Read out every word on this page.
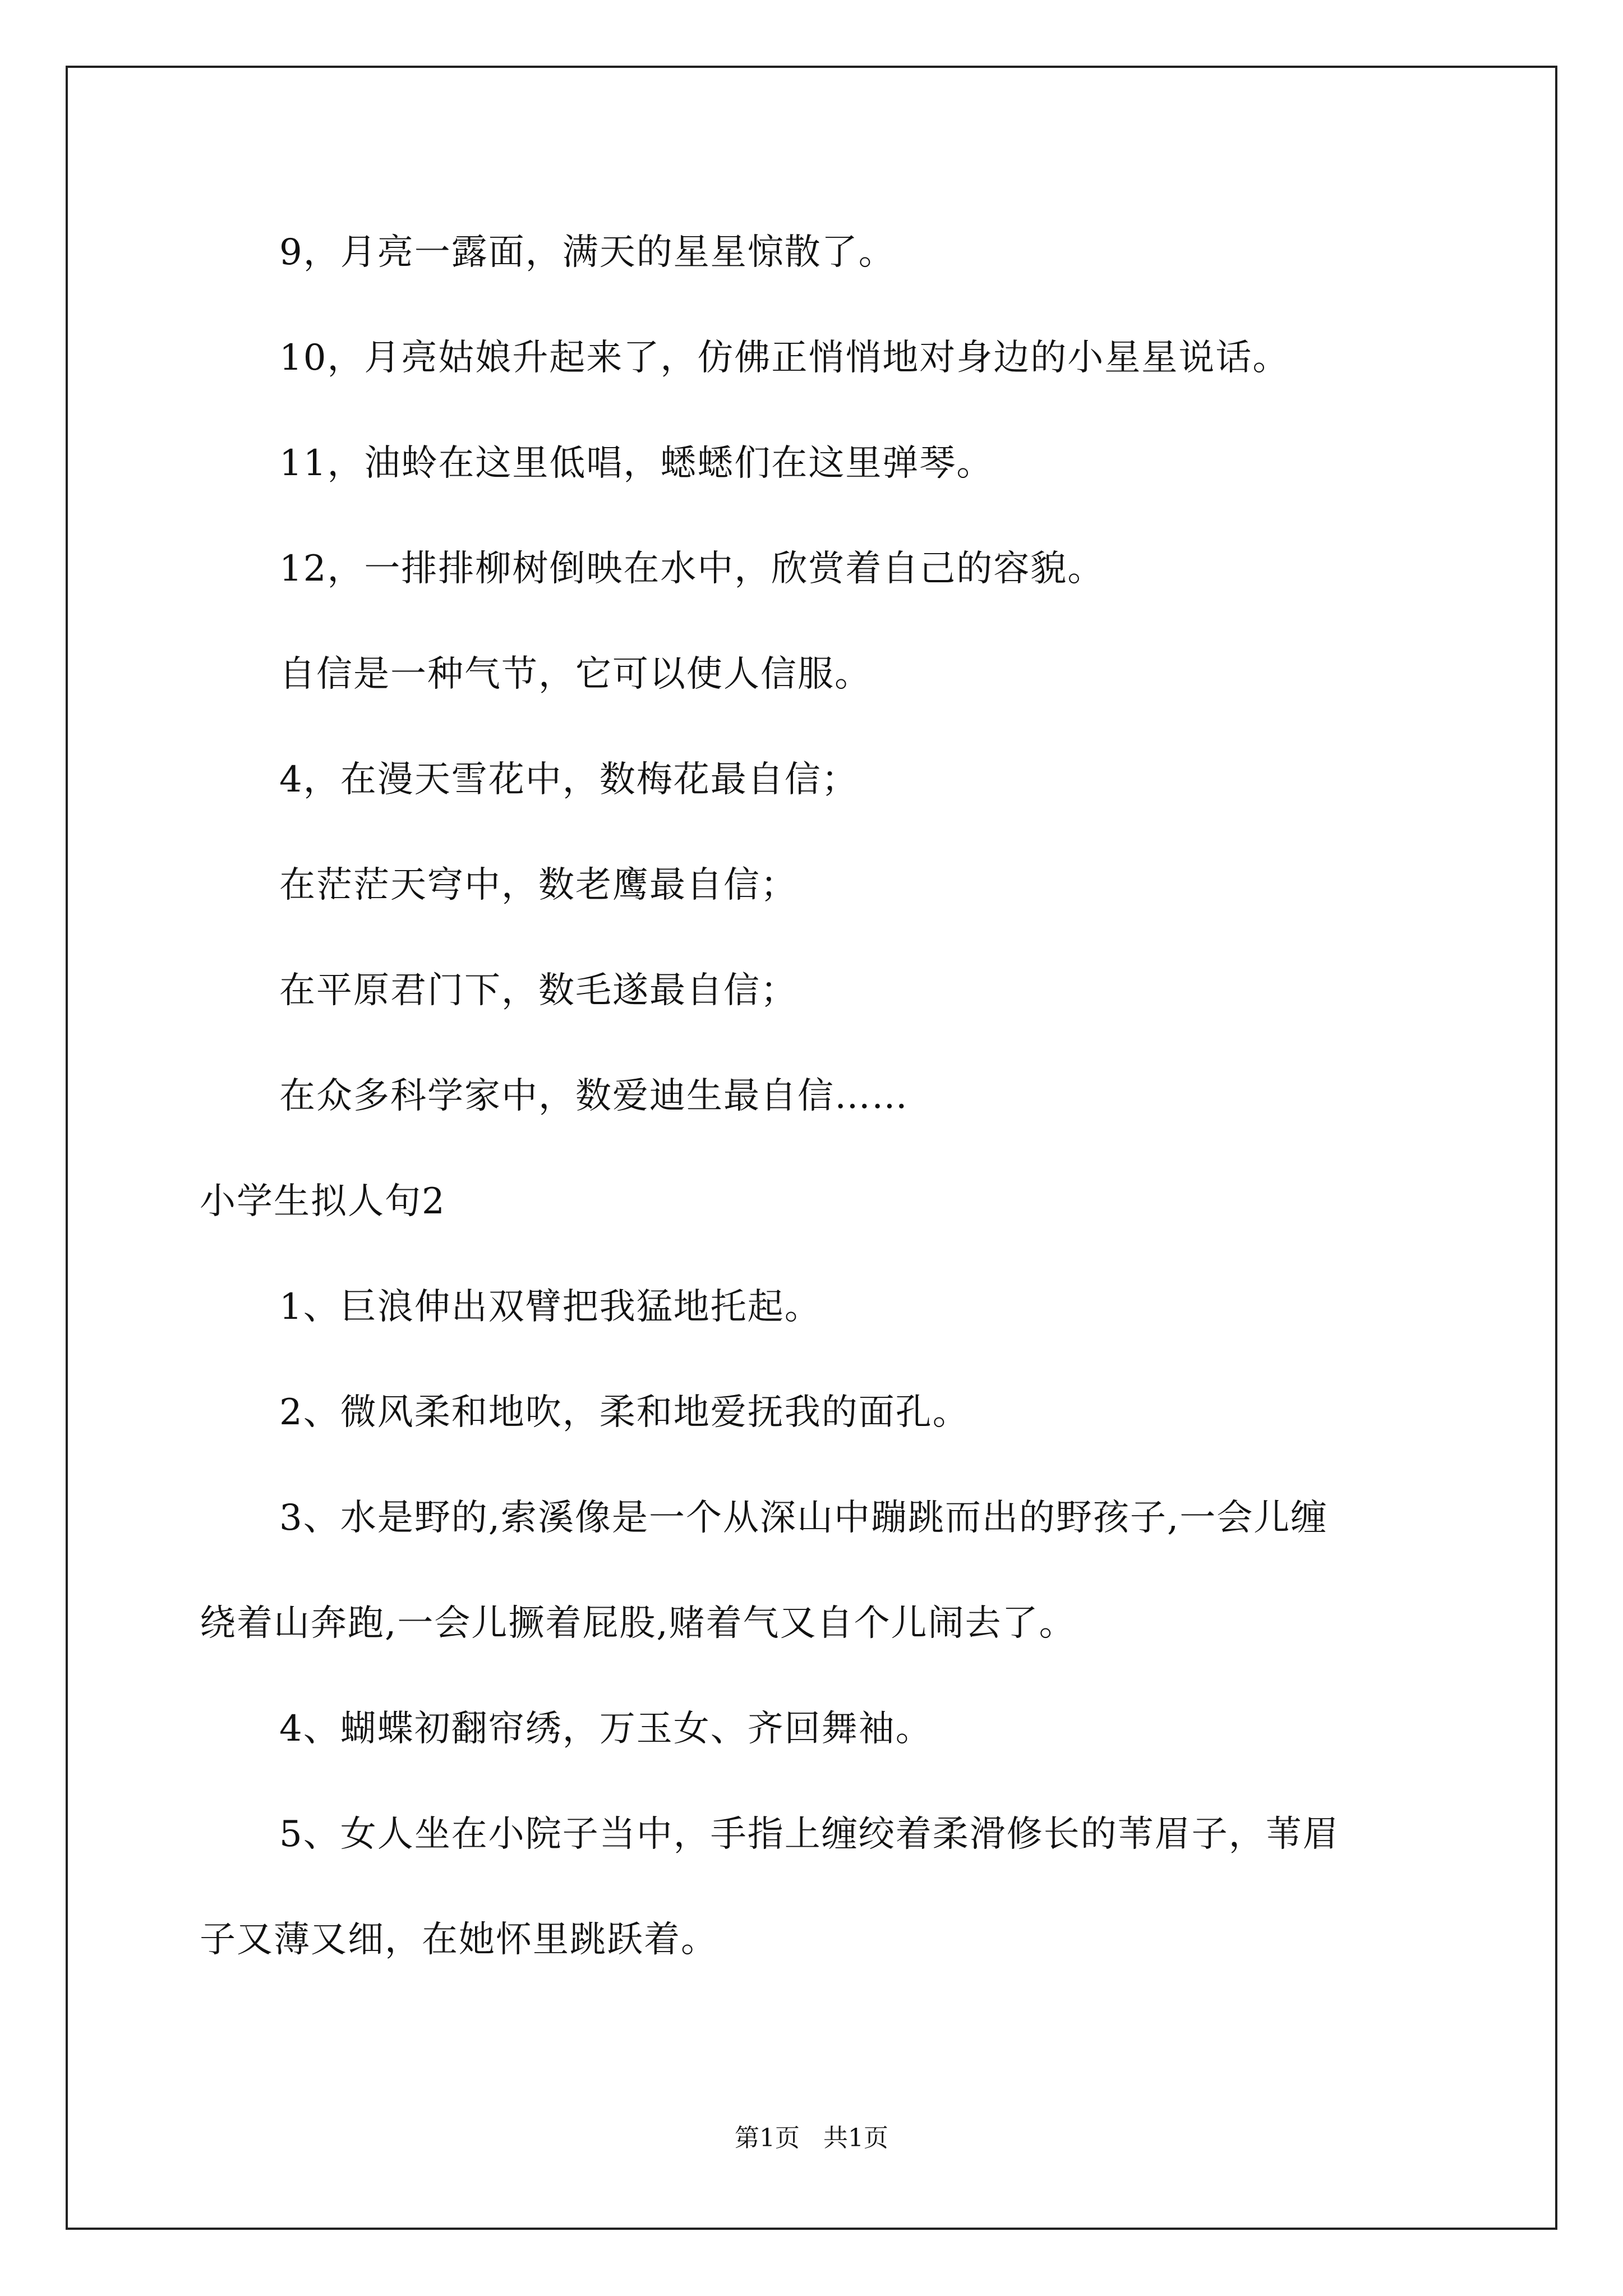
9，月亮一露面，满天的星星惊散了。
10，月亮姑娘升起来了，仿佛正悄悄地对身边的小星星说话。
11，油蛉在这里低唱，蟋蟋们在这里弹琴。
12，一排排柳树倒映在水中，欣赏着自己的容貌。
自信是一种气节，它可以使人信服。
4，在漫天雪花中，数梅花最自信；
在茫茫天穹中，数老鹰最自信；
在平原君门下，数毛遂最自信；
在众多科学家中，数爱迪生最自信……
小学生拟人句2
1、巨浪伸出双臂把我猛地托起。
2、微风柔和地吹，柔和地爱抚我的面孔。
3、水是野的,索溪像是一个从深山中蹦跳而出的野孩子,一会儿缠
绕着山奔跑,一会儿撅着屁股,赌着气又自个儿闹去了。
4、蝴蝶初翻帘绣，万玉女、齐回舞袖。
5、女人坐在小院子当中，手指上缠绞着柔滑修长的苇眉子，苇眉
子又薄又细，在她怀里跳跃着。
第1页   共1页
